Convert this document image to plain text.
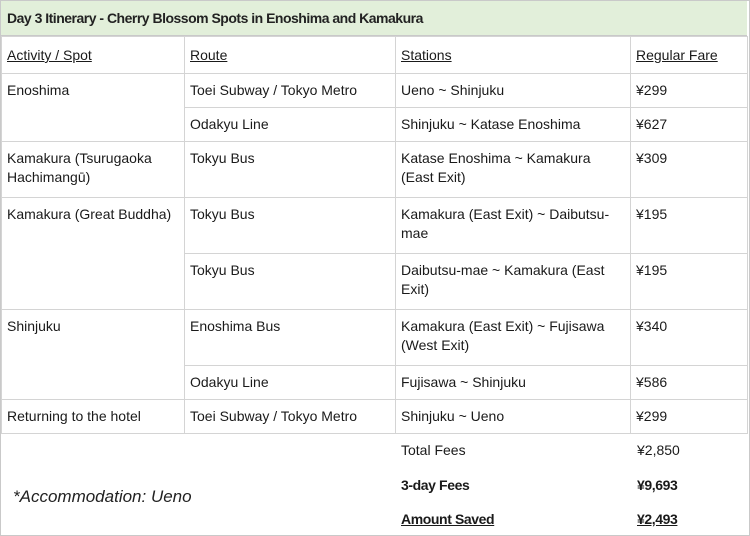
Day 3 Itinerary - Cherry Blossom Spots in Enoshima and Kamakura
Activity / Spot	Route	Stations	Regular Fare
Enoshima	Toei Subway / Tokyo Metro	Ueno ~ Shinjuku	¥299
	Odakyu Line	Shinjuku ~ Katase Enoshima	¥627
Kamakura (Tsurugaoka Hachimangū)	Tokyu Bus	Katase Enoshima ~ Kamakura (East Exit)	¥309
Kamakura (Great Buddha)	Tokyu Bus	Kamakura (East Exit) ~ Daibutsu-mae	¥195
	Tokyu Bus	Daibutsu-mae ~ Kamakura (East Exit)	¥195
Shinjuku	Enoshima Bus	Kamakura (East Exit) ~ Fujisawa (West Exit)	¥340
	Odakyu Line	Fujisawa ~ Shinjuku	¥586
Returning to the hotel	Toei Subway / Tokyo Metro	Shinjuku ~ Ueno	¥299
*Accommodation: Ueno
Total Fees	¥2,850
3-day Fees	¥9,693
Amount Saved	¥2,493
